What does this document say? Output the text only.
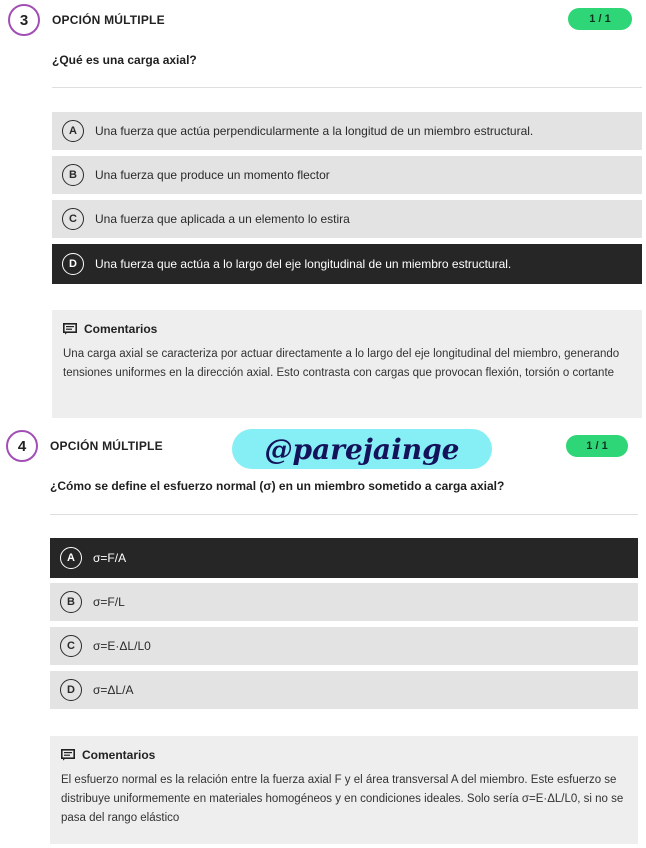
3	OPCIÓN MÚLTIPLE	1 / 1
¿Qué es una carga axial?
A	Una fuerza que actúa perpendicularmente a la longitud de un miembro estructural.
B	Una fuerza que produce un momento flector
C	Una fuerza que aplicada a un elemento lo estira
D	Una fuerza que actúa a lo largo del eje longitudinal de un miembro estructural.
Comentarios
Una carga axial se caracteriza por actuar directamente a lo largo del eje longitudinal del miembro, generando tensiones uniformes en la dirección axial. Esto contrasta con cargas que provocan flexión, torsión o cortante
4	OPCIÓN MÚLTIPLE	@parejainge	1 / 1
¿Cómo se define el esfuerzo normal (σ) en un miembro sometido a carga axial?
A	σ=F/A
B	σ=F/L
C	σ=E·ΔL/L0
D	σ=ΔL/A
Comentarios
El esfuerzo normal es la relación entre la fuerza axial F y el área transversal A del miembro. Este esfuerzo se distribuye uniformemente en materiales homogéneos y en condiciones ideales. Solo sería σ=E·ΔL/L0, si no se pasa del rango elástico
